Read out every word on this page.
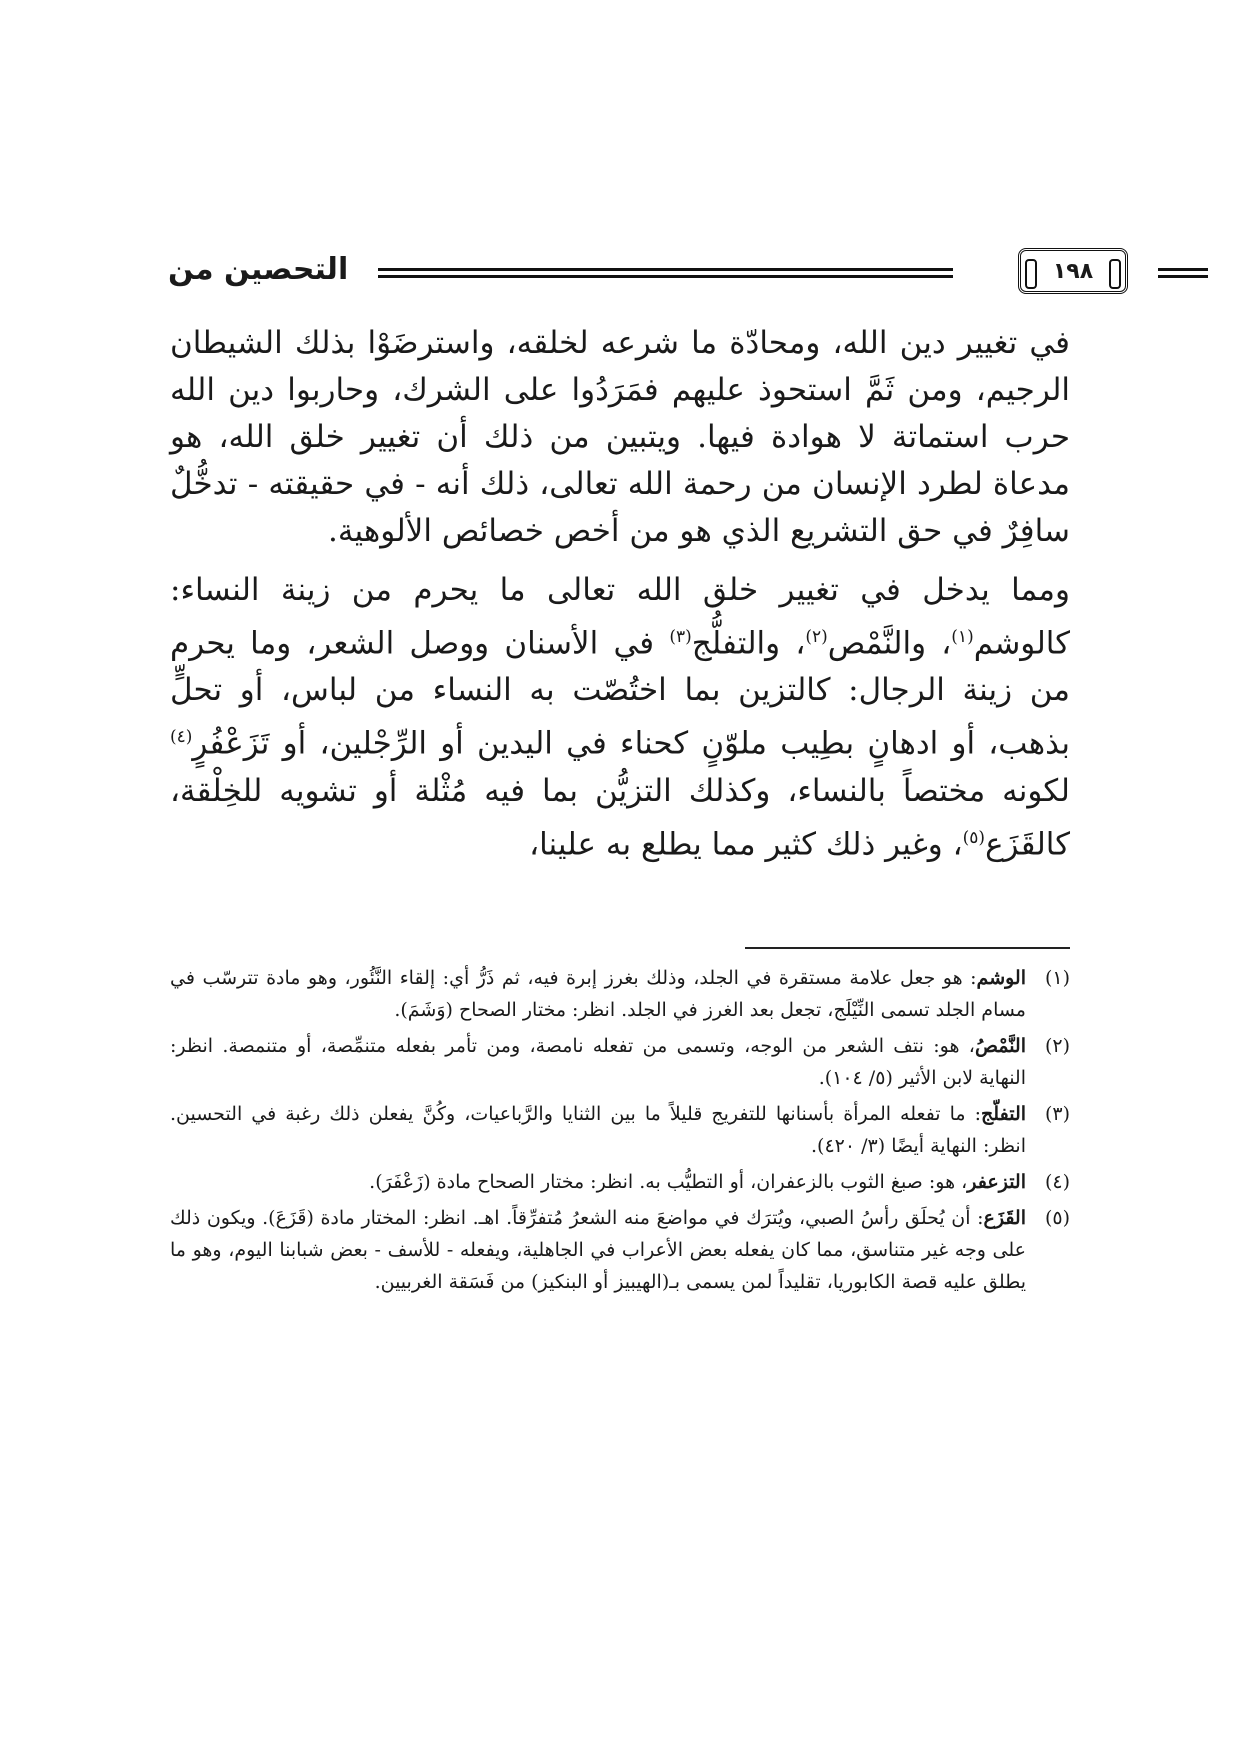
١٩٨
التحصين من

في تغيير دين الله، ومحادّة ما شرعه لخلقه، واسترضَوْا بذلك الشيطان الرجيم، ومن ثَمَّ استحوذ عليهم فمَرَدُوا على الشرك، وحاربوا دين الله حرب استماتة لا هوادة فيها. ويتبين من ذلك أن تغيير خلق الله، هو مدعاة لطرد الإنسان من رحمة الله تعالى، ذلك أنه - في حقيقته - تدخُّلٌ سافِرٌ في حق التشريع الذي هو من أخص خصائص الألوهية.

ومما يدخل في تغيير خلق الله تعالى ما يحرم من زينة النساء: كالوشم$^{(١)}$، والنَّمْص$^{(٢)}$، والتفلُّج$^{(٣)}$ في الأسنان ووصل الشعر، وما يحرم من زينة الرجال: كالتزين بما اختُصّت به النساء من لباس، أو تحلٍّ بذهب، أو ادهانٍ بطِيب ملوّنٍ كحناء في اليدين أو الرِّجْلين، أو تَزَعْفُرٍ$^{(٤)}$ لكونه مختصاً بالنساء، وكذلك التزيُّن بما فيه مُثْلة أو تشويه للخِلْقة، كالقَزَع$^{(٥)}$، وغير ذلك كثير مما يطلع به علينا،

(١)
الوشم: هو جعل علامة مستقرة في الجلد، وذلك بغرز إبرة فيه، ثم ذَرُّ أي: إلقاء النَّئُور، وهو مادة تترسّب في مسام الجلد تسمى النِّيْلَج، تجعل بعد الغرز في الجلد. انظر: مختار الصحاح (وَشَمَ).
(٢)
النَّمْصُ، هو: نتف الشعر من الوجه، وتسمى من تفعله نامصة، ومن تأمر بفعله متنمِّصة، أو متنمصة. انظر: النهاية لابن الأثير (٥/ ١٠٤).
(٣)
التفلّج: ما تفعله المرأة بأسنانها للتفريج قليلاً ما بين الثنايا والرَّباعيات، وكُنَّ يفعلن ذلك رغبة في التحسين. انظر: النهاية أيضًا (٣/ ٤٢٠).
(٤)
التزعفر، هو: صبغ الثوب بالزعفران، أو التطيُّب به. انظر: مختار الصحاح مادة (زَعْفَرَ).
(٥)
القَزَع: أن يُحلَق رأسُ الصبي، ويُترَك في مواضعَ منه الشعرُ مُتفرِّقاً. اهـ. انظر: المختار مادة (قَزَعَ). ويكون ذلك على وجه غير متناسق، مما كان يفعله بعض الأعراب في الجاهلية، ويفعله - للأسف - بعض شبابنا اليوم، وهو ما يطلق عليه قصة الكابوريا، تقليداً لمن يسمى بـ(الهيبيز أو البنكيز) من فَسَقة الغربيين.
